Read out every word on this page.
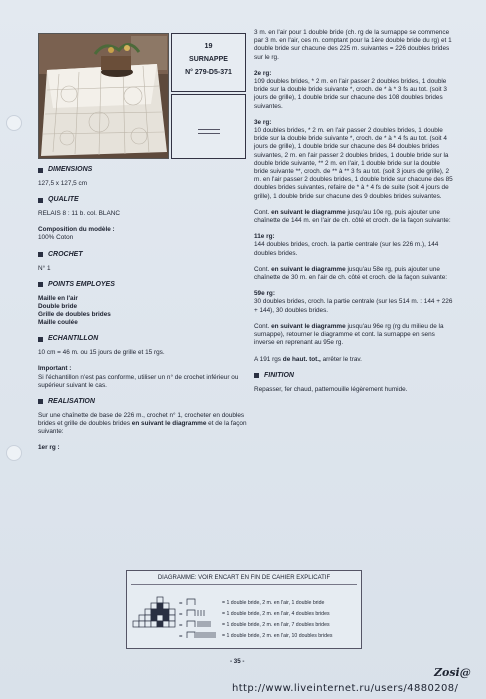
19
SURNAPPE
N° 279-D5-371
DIMENSIONS
127,5 x 127,5 cm
QUALITE
RELAIS 8 : 11 b. col. BLANC
Composition du modèle :
100% Coton
CROCHET
N° 1
POINTS EMPLOYES
Maille en l'air
Double bride
Grille de doubles brides
Maille coulée
ECHANTILLON
10 cm = 46 m. ou 15 jours de grille et 15 rgs.
Important :
Si l'échantillon n'est pas conforme, utiliser un n° de crochet inférieur ou supérieur suivant le cas.
REALISATION
Sur une chaînette de base de 226 m., crochet n° 1, crocheter en doubles brides et grille de doubles brides en suivant le diagramme et de la façon suivante:
1er rg :
3 m. en l'air pour 1 double bride (ch. rg de la surnappe se commence par 3 m. en l'air, ces m. comptant pour la 1ère double bride du rg) et 1 double bride sur chacune des 225 m. suivantes = 226 doubles brides sur le rg.
2e rg:
109 doubles brides, * 2 m. en l'air passer 2 doubles brides, 1 double bride sur la double bride suivante *, croch. de * à * 3 fs au tot. (soit 3 jours de grille), 1 double bride sur chacune des 108 doubles brides suivantes.
3e rg:
10 doubles brides, * 2 m. en l'air passer 2 doubles brides, 1 double bride sur la double bride suivante *, croch. de * à * 4 fs au tot. (soit 4 jours de grille), 1 double bride sur chacune des 84 doubles brides suivantes, 2 m. en l'air passer 2 doubles brides, 1 double bride sur la double bride suivante, ** 2 m. en l'air, 1 double bride sur la double bride suivante **, croch. de ** à ** 3 fs au tot. (soit 3 jours de grille), 2 m. en l'air passer 2 doubles brides, 1 double bride sur chacune des 85 doubles brides suivantes, refaire de * à * 4 fs de suite (soit 4 jours de grille), 1 double bride sur chacune des 9 doubles brides suivantes.
Cont. en suivant le diagramme jusqu'au 10e rg, puis ajouter une chaînette de 144 m. en l'air de ch. côté et croch. de la façon suivante:
11e rg:
144 doubles brides, croch. la partie centrale (sur les 226 m.), 144 doubles brides.
Cont. en suivant le diagramme jusqu'au 58e rg, puis ajouter une chaînette de 30 m. en l'air de ch. côté et croch. de la façon suivante:
59e rg:
30 doubles brides, croch. la partie centrale (sur les 514 m. : 144 + 226 + 144), 30 doubles brides.
Cont. en suivant le diagramme jusqu'au 96e rg (rg du milieu de la surnappe), retourner le diagramme et cont. la surnappe en sens inverse en reprenant au 95e rg.
A 191 rgs de haut. tot., arrêter le trav.
FINITION
Repasser, fer chaud, pattemouille légèrement humide.
DIAGRAMME: VOIR ENCART EN FIN DE CAHIER EXPLICATIF
=
=
=
=
= 1 double bride, 2 m. en l'air, 1 double bride
= 1 double bride, 2 m. en l'air, 4 doubles brides
= 1 double bride, 2 m. en l'air, 7 doubles brides
= 1 double bride, 2 m. en l'air, 10 doubles brides
- 35 -
Zosi@
http://www.liveinternet.ru/users/4880208/
